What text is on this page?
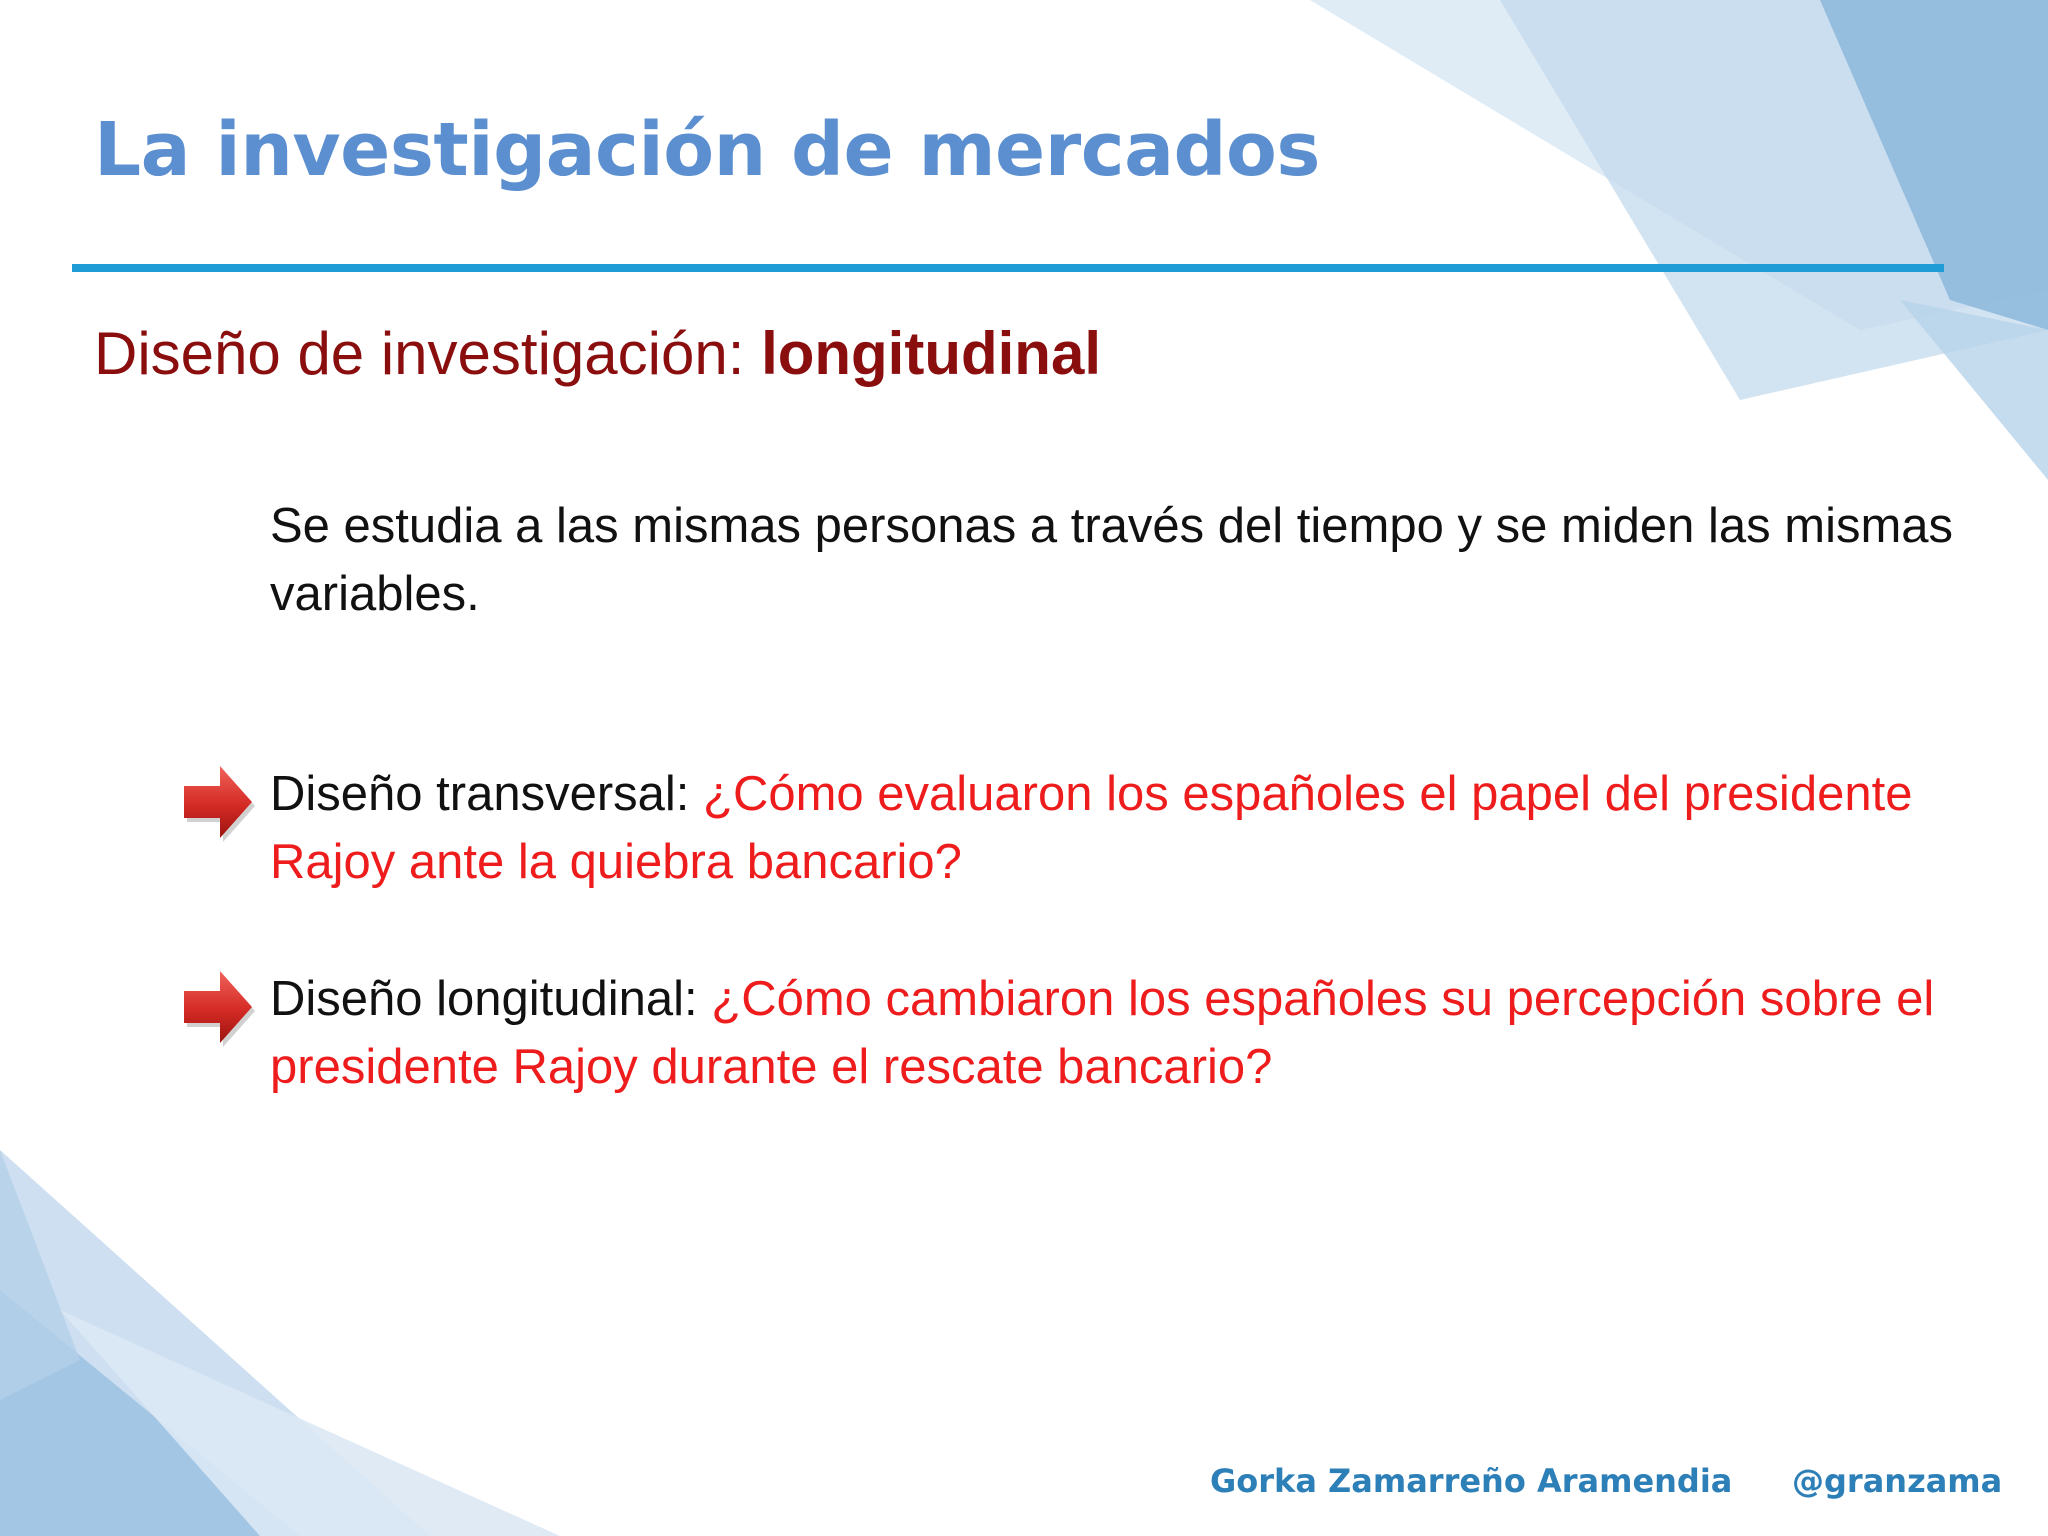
La investigación de mercados
Diseño de investigación: longitudinal

Se estudia a las mismas personas a través del tiempo y se miden las mismas variables.

Diseño transversal: ¿Cómo evaluaron los españoles el papel del presidente Rajoy ante la quiebra bancario?

Diseño longitudinal: ¿Cómo cambiaron los españoles su percepción sobre el presidente Rajoy durante el rescate bancario?

Gorka Zamarreño Aramendia @granzama
